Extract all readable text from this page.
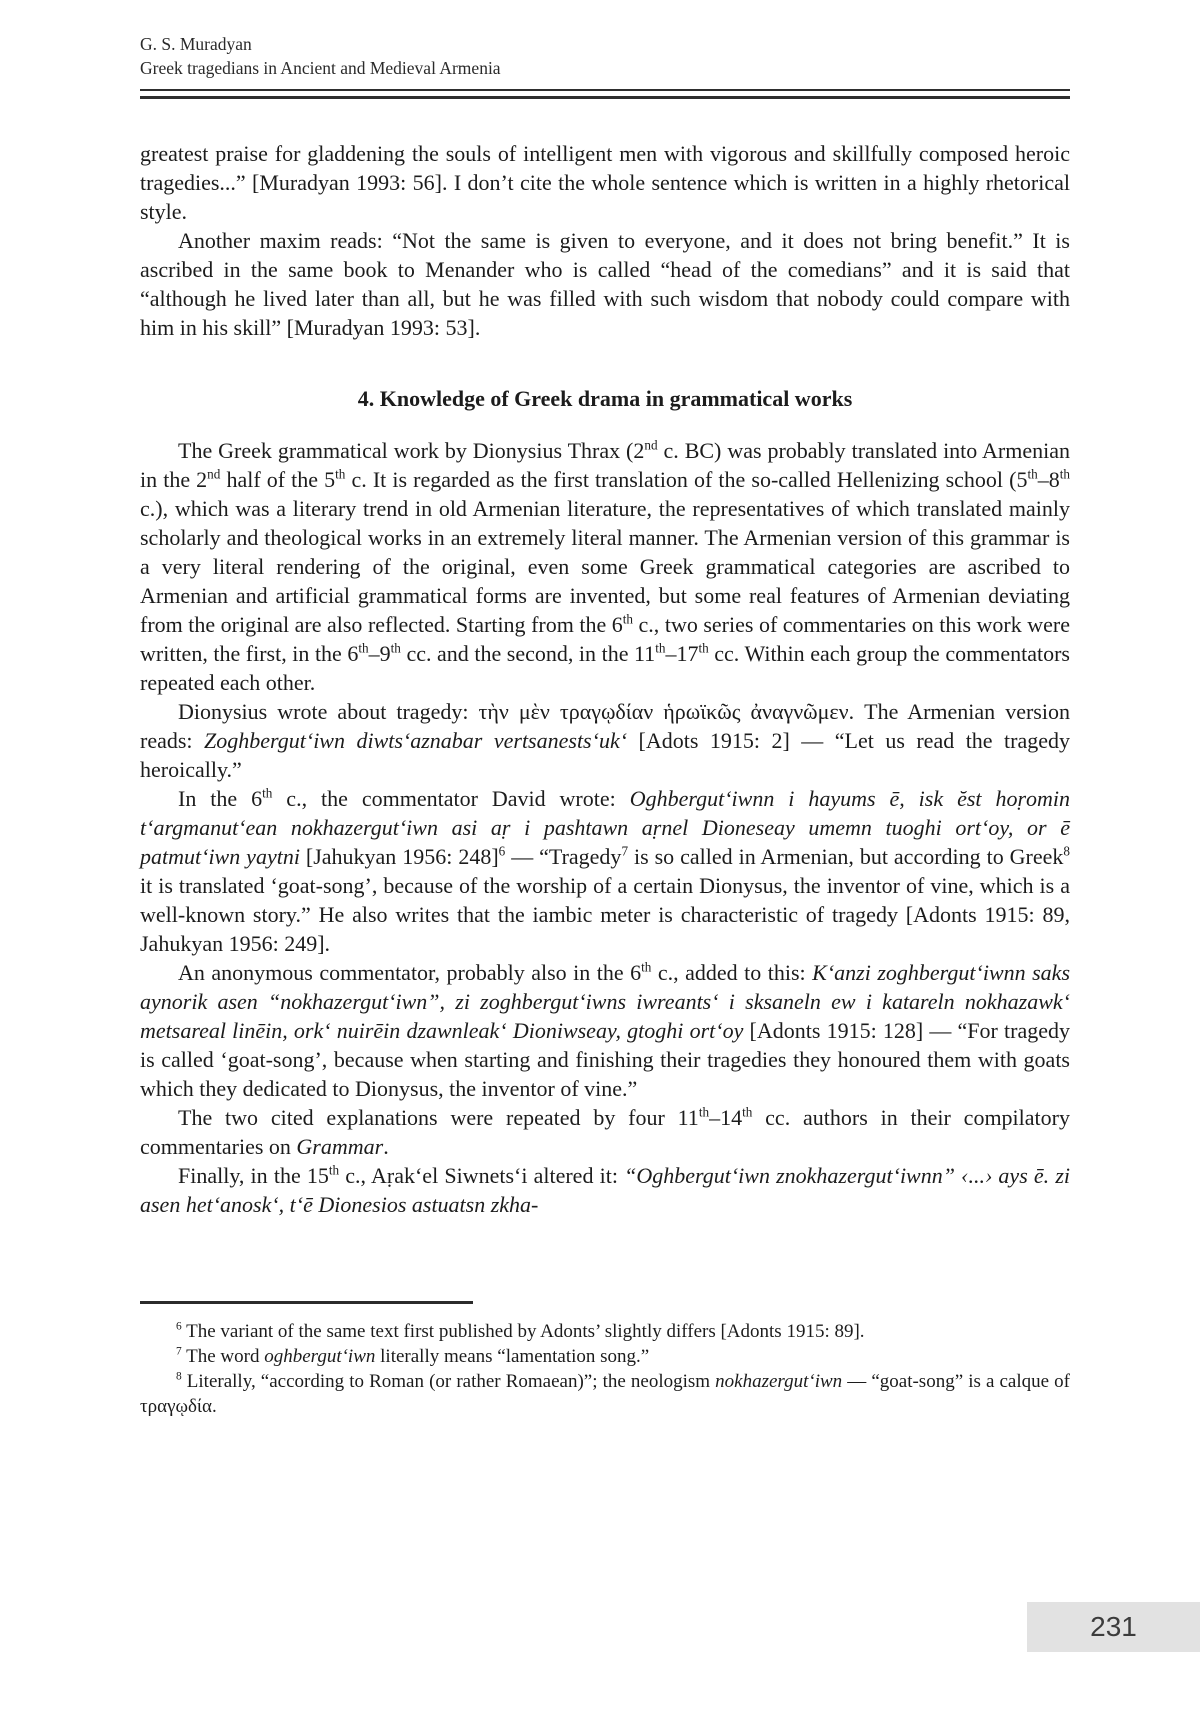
G. S. Muradyan
Greek tragedians in Ancient and Medieval Armenia

greatest praise for gladdening the souls of intelligent men with vigorous and skillfully composed heroic tragedies...” [Muradyan 1993: 56]. I don’t cite the whole sentence which is written in a highly rhetorical style.

Another maxim reads: “Not the same is given to everyone, and it does not bring benefit.” It is ascribed in the same book to Menander who is called “head of the comedians” and it is said that “although he lived later than all, but he was filled with such wisdom that nobody could compare with him in his skill” [Muradyan 1993: 53].

4. Knowledge of Greek drama in grammatical works

The Greek grammatical work by Dionysius Thrax (2nd c. BC) was probably translated into Armenian in the 2nd half of the 5th c. It is regarded as the first translation of the so-called Hellenizing school (5th–8th c.), which was a literary trend in old Armenian literature, the representatives of which translated mainly scholarly and theological works in an extremely literal manner. The Armenian version of this grammar is a very literal rendering of the original, even some Greek grammatical categories are ascribed to Armenian and artificial grammatical forms are invented, but some real features of Armenian deviating from the original are also reflected. Starting from the 6th c., two series of commentaries on this work were written, the first, in the 6th–9th cc. and the second, in the 11th–17th cc. Within each group the commentators repeated each other.

Dionysius wrote about tragedy: τὴν μὲν τραγῳδίαν ἡρωϊκῶς ἀναγνῶμεν. The Armenian version reads: Zoghbergutʻiwn diwtsʻaznabar vertsanestsʻukʻ [Adots 1915: 2] — “Let us read the tragedy heroically.”

In the 6th c., the commentator David wrote: Oghbergutʻiwnn i hayums ē, isk ĕst hoṛomin tʻargmanutʻean nokhazergutʻiwn asi aṛ i pashtawn aṛnel Dioneseay umemn tuoghi ortʻoy, or ē patmutʻiwn yaytni [Jahukyan 1956: 248]$^6$ — “Tragedy$^7$ is so called in Armenian, but according to Greek$^8$ it is translated ‘goat-song’, because of the worship of a certain Dionysus, the inventor of vine, which is a well-known story.” He also writes that the iambic meter is characteristic of tragedy [Adonts 1915: 89, Jahukyan 1956: 249].

An anonymous commentator, probably also in the 6th c., added to this: Kʻanzi zoghbergutʻiwnn saks aynorik asen “nokhazergutʻiwn”, zi zoghbergutʻiwns iwreantsʻ i sksaneln ew i katareln nokhazawkʻ metsareal linēin, orkʻ nuirēin dzawnleakʻ Dioniwseay, gtoghi ortʻoy [Adonts 1915: 128] — “For tragedy is called ‘goat-song’, because when starting and finishing their tragedies they honoured them with goats which they dedicated to Dionysus, the inventor of vine.”

The two cited explanations were repeated by four 11th–14th cc. authors in their compilatory commentaries on Grammar.

Finally, in the 15th c., Aṛakʻel Siwnetsʻi altered it: “Oghbergutʻiwn znokhazergutʻiwnn” ‹...› ays ē. zi asen hetʻanoskʻ, tʻē Dionesios astuatsn zkha-

$^6$ The variant of the same text first published by Adonts’ slightly differs [Adonts 1915: 89].

$^7$ The word oghbergutʻiwn literally means “lamentation song.”

$^8$ Literally, “according to Roman (or rather Romaean)”; the neologism nokhazergutʻiwn — “goat-song” is a calque of τραγῳδία.

231
